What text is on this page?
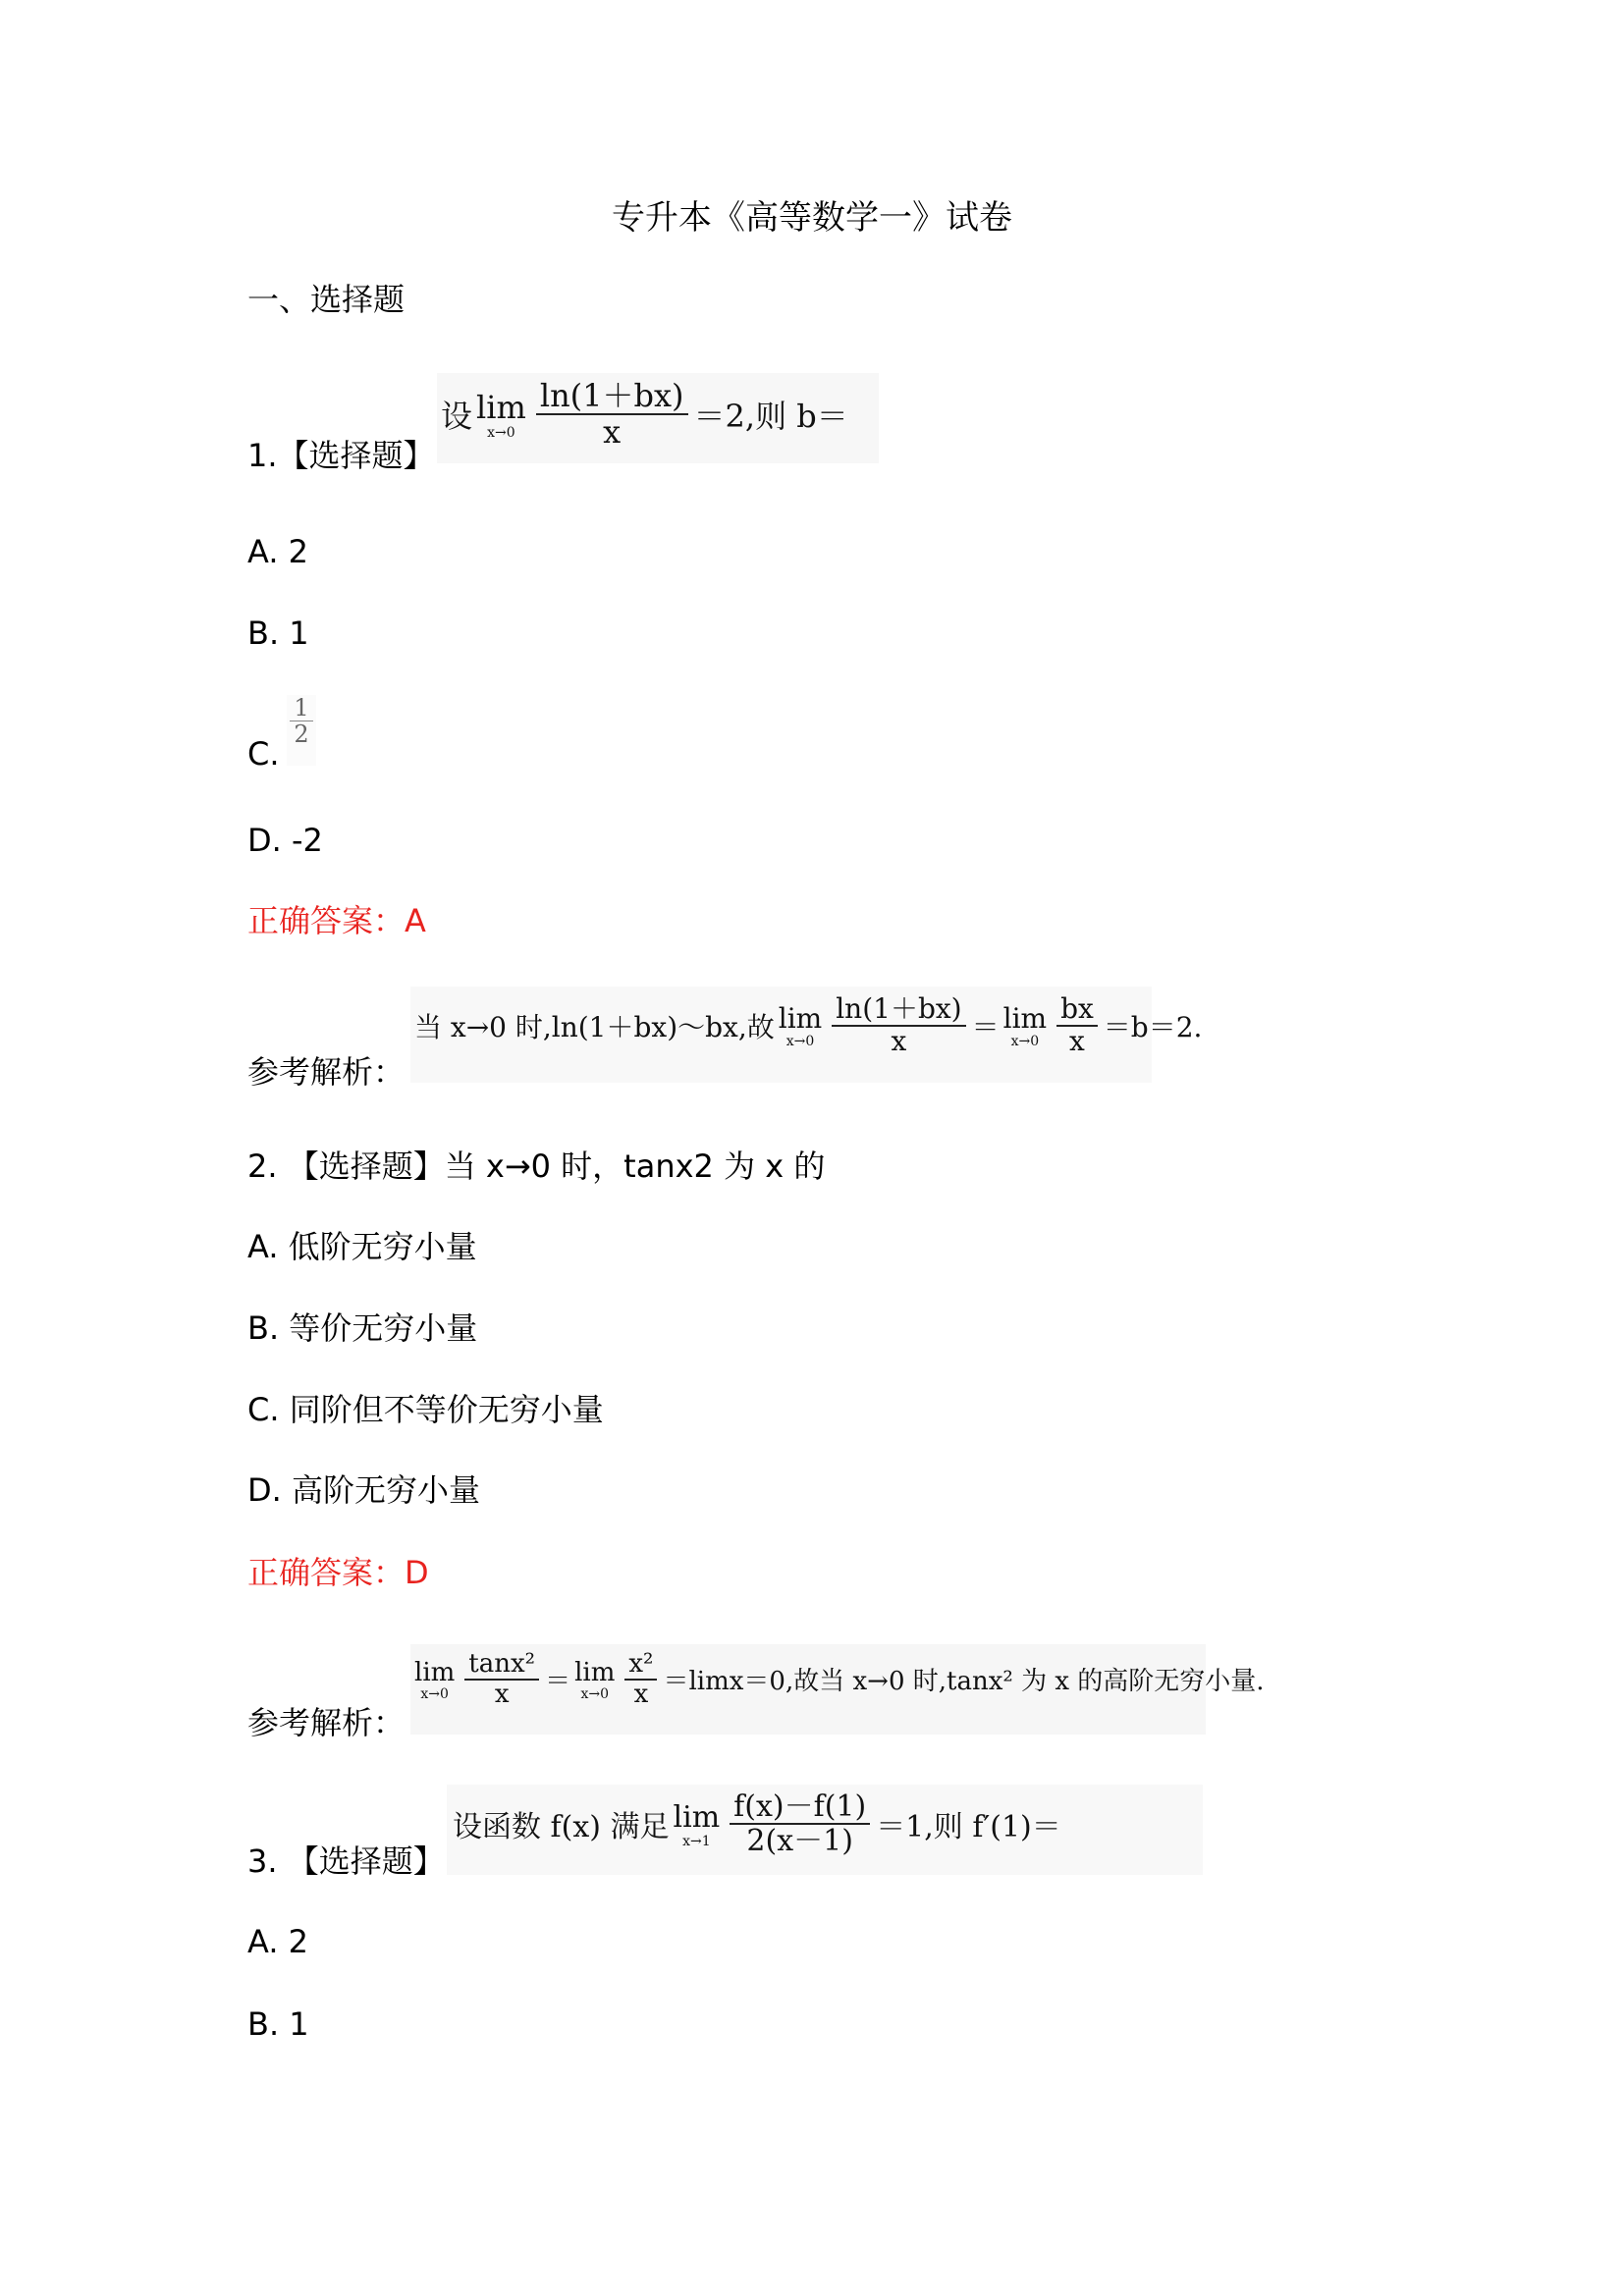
专升本《高等数学一》试卷
一、选择题
1.【选择题】
设 lim
$x\to 0 \frac{\ln(1+bx)}{x} =2$,则 b＝
A. 2
B. 1
C.
$\frac{1}{2}$
D. -2
正确答案：A
参考解析：
当 x→0 时,ln(1＋bx)～bx,故 lim
$x\to 0 \frac{\ln(1+bx)}{x} = \lim$
$x\to 0 \frac{bx}{x} =b=2$.
2. 【选择题】当 x→0 时，tanx2 为 x 的
A. 低阶无穷小量
B. 等价无穷小量
C. 同阶但不等价无穷小量
D. 高阶无穷小量
正确答案：D
参考解析：
lim
$x\to 0 \frac{\text{tanx²}}{x} = \lim$
$x\to 0 \frac{\text{x²}}{x} =\lim x=0$,故当 x→0 时,tanx² 为 x 的高阶无穷小量.
3. 【选择题】
设函数 f(x) 满足 lim
$x\to 1 \frac{f(x)-f(1)}{2(x-1)} =1$,则 f′(1)＝
A. 2
B. 1
